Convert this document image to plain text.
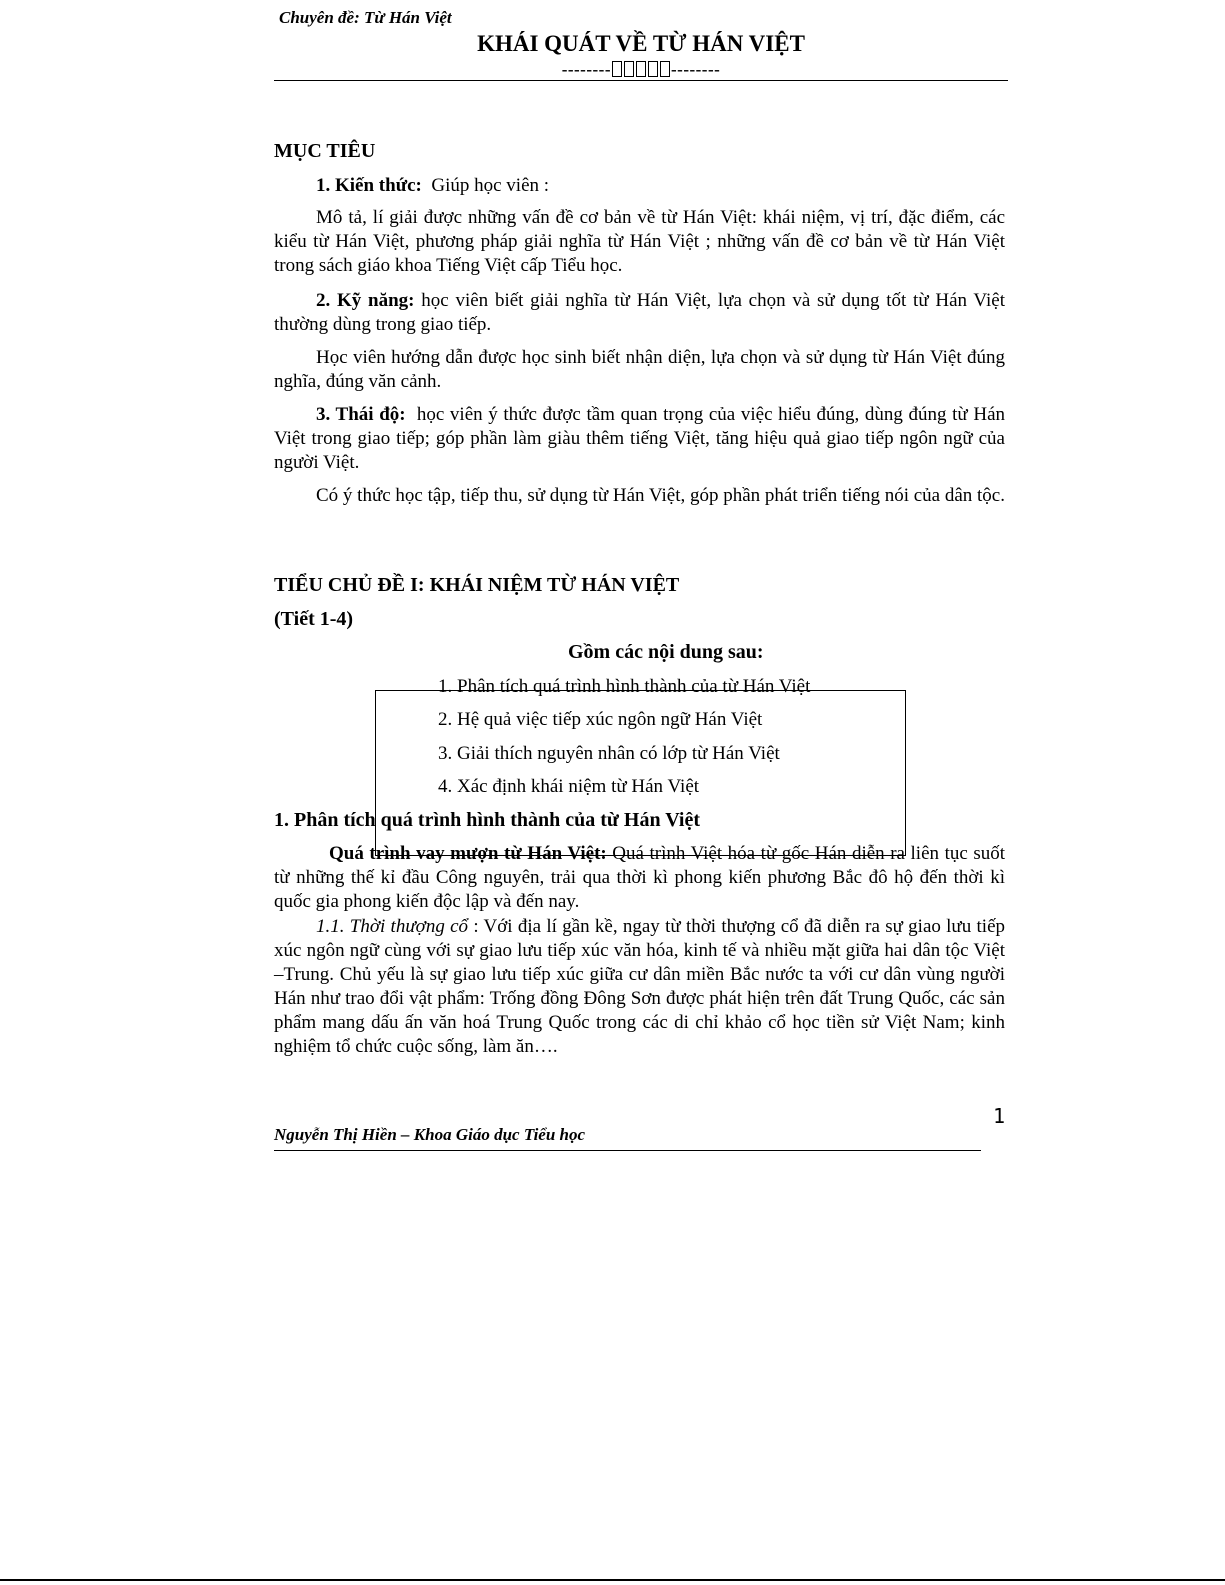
Chuyên đề: Từ Hán Việt
KHÁI QUÁT VỀ TỪ HÁN VIỆT
--------	--------
MỤC TIÊU
1. Kiến thức: Giúp học viên :
Mô tả, lí giải được những vấn đề cơ bản về từ Hán Việt: khái niệm, vị trí, đặc điểm, các kiểu từ Hán Việt, phương pháp giải nghĩa từ Hán Việt ; những vấn đề cơ bản về từ Hán Việt trong sách giáo khoa Tiếng Việt cấp Tiểu học.
2. Kỹ năng: học viên biết giải nghĩa từ Hán Việt, lựa chọn và sử dụng tốt từ Hán Việt thường dùng trong giao tiếp.
Học viên hướng dẫn được học sinh biết nhận diện, lựa chọn và sử dụng từ Hán Việt đúng nghĩa, đúng văn cảnh.
3. Thái độ: học viên ý thức được tầm quan trọng của việc hiểu đúng, dùng đúng từ Hán Việt trong giao tiếp; góp phần làm giàu thêm tiếng Việt, tăng hiệu quả giao tiếp ngôn ngữ của người Việt.
Có ý thức học tập, tiếp thu, sử dụng từ Hán Việt, góp phần phát triển tiếng nói của dân tộc.
TIỂU CHỦ ĐỀ I: KHÁI NIỆM TỪ HÁN VIỆT
(Tiết 1-4)
Gồm các nội dung sau:
1. Phân tích quá trình hình thành của từ Hán Việt
2. Hệ quả việc tiếp xúc ngôn ngữ Hán Việt
3. Giải thích nguyên nhân có lớp từ Hán Việt
4. Xác định khái niệm từ Hán Việt
1. Phân tích quá trình hình thành của từ Hán Việt
Quá trình vay mượn từ Hán Việt: Quá trình Việt hóa từ gốc Hán diễn ra liên tục suốt từ những thế kỉ đầu Công nguyên, trải qua thời kì phong kiến phương Bắc đô hộ đến thời kì quốc gia phong kiến độc lập và đến nay.
1.1. Thời thượng cổ : Với địa lí gần kề, ngay từ thời thượng cổ đã diễn ra sự giao lưu tiếp xúc ngôn ngữ cùng với sự giao lưu tiếp xúc văn hóa, kinh tế và nhiều mặt giữa hai dân tộc Việt –Trung. Chủ yếu là sự giao lưu tiếp xúc giữa cư dân miền Bắc nước ta với cư dân vùng người Hán như trao đổi vật phẩm: Trống đồng Đông Sơn được phát hiện trên đất Trung Quốc, các sản phẩm mang dấu ấn văn hoá Trung Quốc trong các di chỉ khảo cổ học tiền sử Việt Nam; kinh nghiệm tổ chức cuộc sống, làm ăn….
1
Nguyễn Thị Hiền – Khoa Giáo dục Tiểu học
